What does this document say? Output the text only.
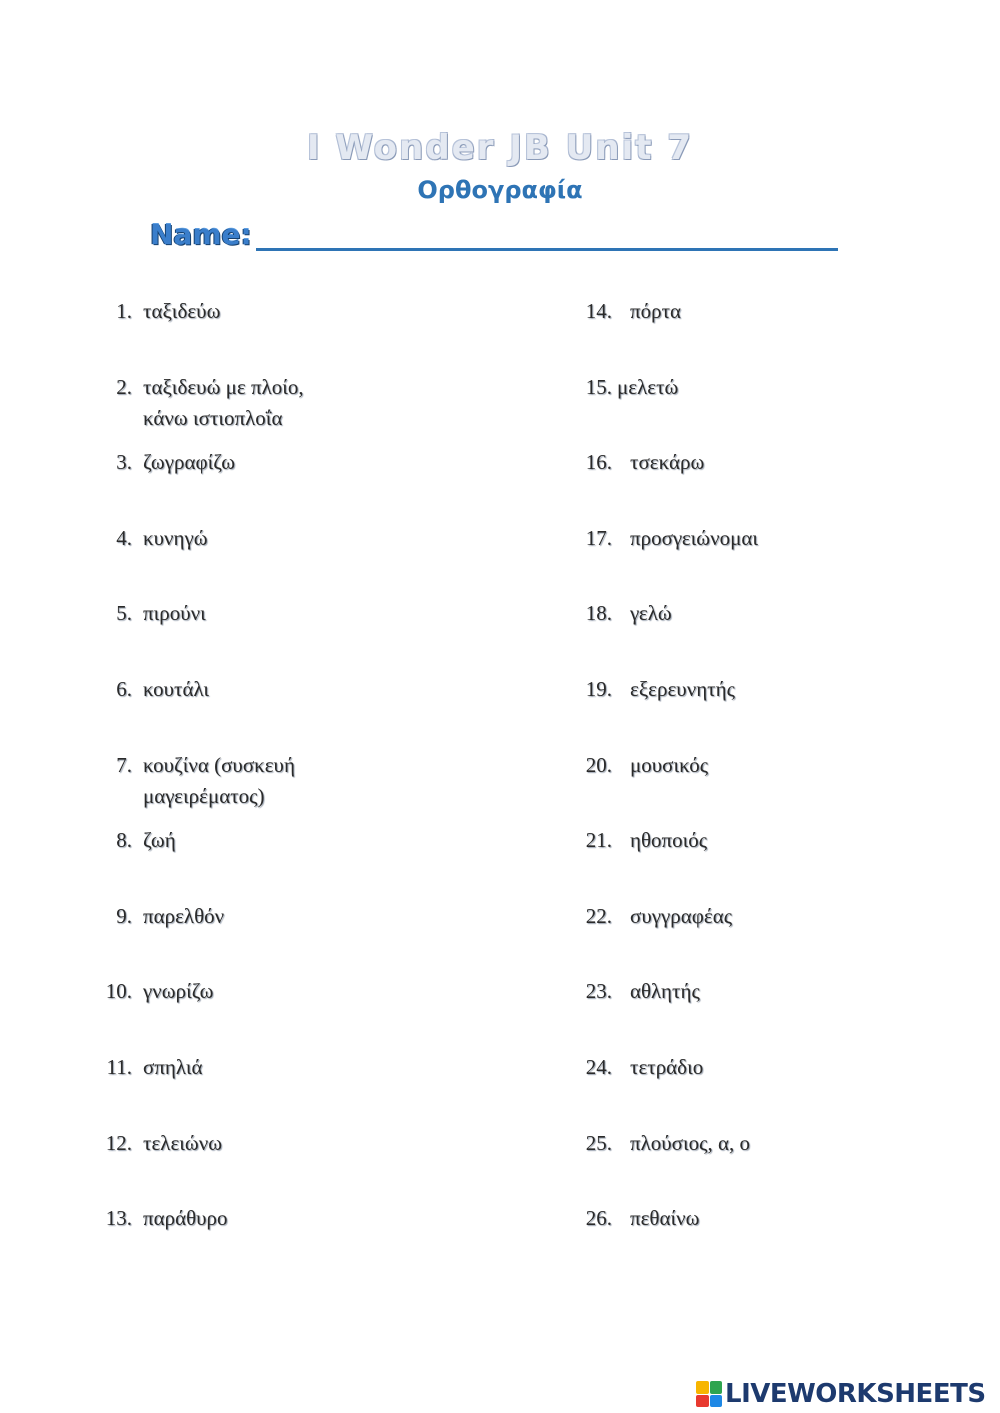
I Wonder JB Unit 7
Ορθογραφία
Name:
1. ταξιδεύω
2. ταξιδευώ με πλοίο,
κάνω ιστιοπλοΐα
3. ζωγραφίζω
4. κυνηγώ
5. πιρούνι
6. κουτάλι
7. κουζίνα (συσκευή
μαγειρέματος)
8. ζωή
9. παρελθόν
10. γνωρίζω
11. σπηλιά
12. τελειώνω
13. παράθυρο
14. πόρτα
15. μελετώ
16. τσεκάρω
17. προσγειώνομαι
18. γελώ
19. εξερευνητής
20. μουσικός
21. ηθοποιός
22. συγγραφέας
23. αθλητής
24. τετράδιο
25. πλούσιος, α, ο
26. πεθαίνω
LIVEWORKSHEETS
